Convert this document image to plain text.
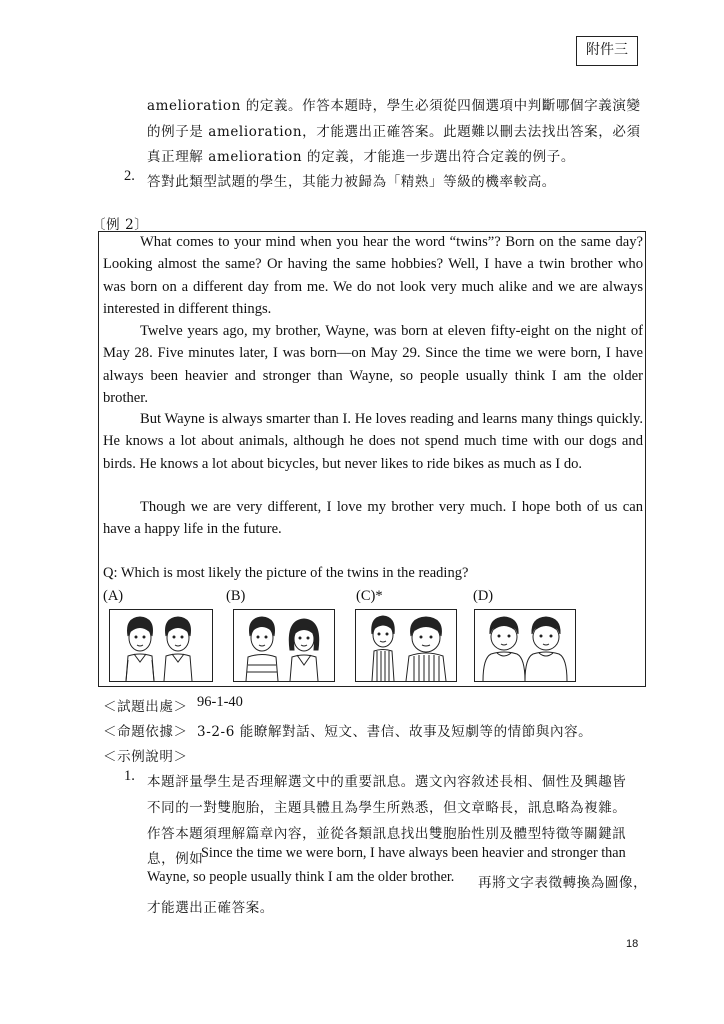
附件三
amelioration 的定義。作答本題時，學生必須從四個選項中判斷哪個字義演變
的例子是 amelioration，才能選出正確答案。此題難以刪去法找出答案，必須
真正理解 amelioration 的定義，才能進一步選出符合定義的例子。
2. 答對此類型試題的學生，其能力被歸為「精熟」等級的機率較高。
〔例 2〕

What comes to your mind when you hear the word “twins”? Born on the same day? Looking almost the same? Or having the same hobbies? Well, I have a twin brother who was born on a different day from me. We do not look very much alike and we are always interested in different things.

Twelve years ago, my brother, Wayne, was born at eleven fifty-eight on the night of May 28. Five minutes later, I was born—on May 29. Since the time we were born, I have always been heavier and stronger than Wayne, so people usually think I am the older brother.

But Wayne is always smarter than I. He loves reading and learns many things quickly. He knows a lot about animals, although he does not spend much time with our dogs and birds. He knows a lot about bicycles, but never likes to ride bikes as much as I do.

Though we are very different, I love my brother very much. I hope both of us can have a happy life in the future.

Q: Which is most likely the picture of the twins in the reading?
(A)	(B)	(C)*	(D)
＜試題出處＞ 96-1-40
＜命題依據＞ 3-2-6 能瞭解對話、短文、書信、故事及短劇等的情節與內容。
＜示例說明＞
1. 本題評量學生是否理解選文中的重要訊息。選文內容敘述長相、個性及興趣皆
不同的一對雙胞胎，主題具體且為學生所熟悉，但文章略長，訊息略為複雜。
作答本題須理解篇章內容，並從各類訊息找出雙胞胎性別及體型特徵等關鍵訊
息，例如
Since the time we were born, I have always been heavier and stronger than
Wayne, so people usually think I am the older brother. 再將文字表徵轉換為圖像，
才能選出正確答案。
18
